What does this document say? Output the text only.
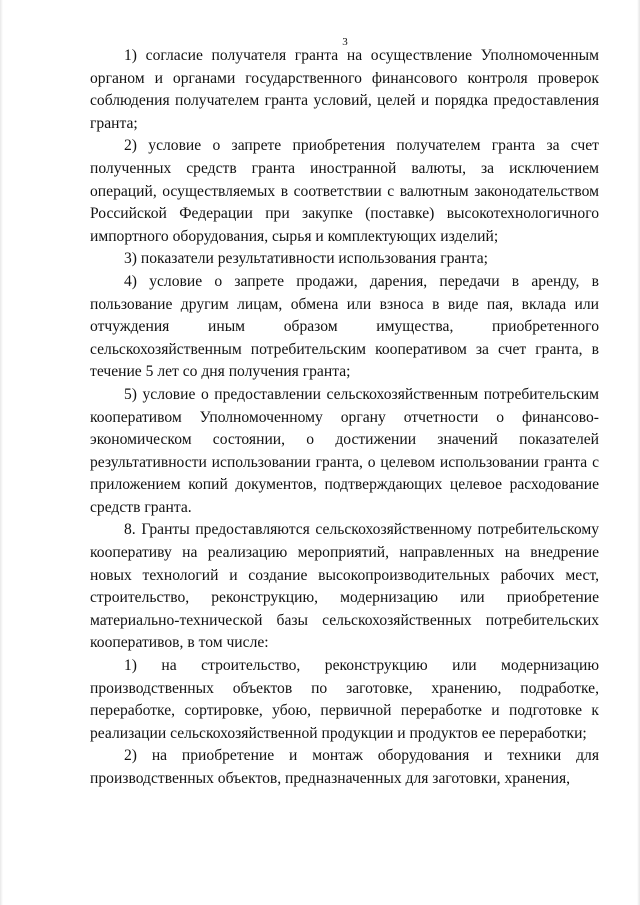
3

1) согласие получателя гранта на осуществление Уполномоченным органом и органами государственного финансового контроля проверок соблюдения получателем гранта условий, целей и порядка предоставления гранта;

2) условие о запрете приобретения получателем гранта за счет полученных средств гранта иностранной валюты, за исключением операций, осуществляемых в соответствии с валютным законодательством Российской Федерации при закупке (поставке) высокотехнологичного импортного оборудования, сырья и комплектующих изделий;

3) показатели результативности использования гранта;

4) условие о запрете продажи, дарения, передачи в аренду, в пользование другим лицам, обмена или взноса в виде пая, вклада или отчуждения иным образом имущества, приобретенного сельскохозяйственным потребительским кооперативом за счет гранта, в течение 5 лет со дня получения гранта;

5) условие о предоставлении сельскохозяйственным потребительским кооперативом Уполномоченному органу отчетности о финансово-экономическом состоянии, о достижении значений показателей результативности использовании гранта, о целевом использовании гранта с приложением копий документов, подтверждающих целевое расходование средств гранта.

8. Гранты предоставляются сельскохозяйственному потребительскому кооперативу на реализацию мероприятий, направленных на внедрение новых технологий и создание высокопроизводительных рабочих мест, строительство, реконструкцию, модернизацию или приобретение материально-технической базы сельскохозяйственных потребительских кооперативов, в том числе:

1) на строительство, реконструкцию или модернизацию производственных объектов по заготовке, хранению, подработке, переработке, сортировке, убою, первичной переработке и подготовке к реализации сельскохозяйственной продукции и продуктов ее переработки;

2) на приобретение и монтаж оборудования и техники для производственных объектов, предназначенных для заготовки, хранения,
